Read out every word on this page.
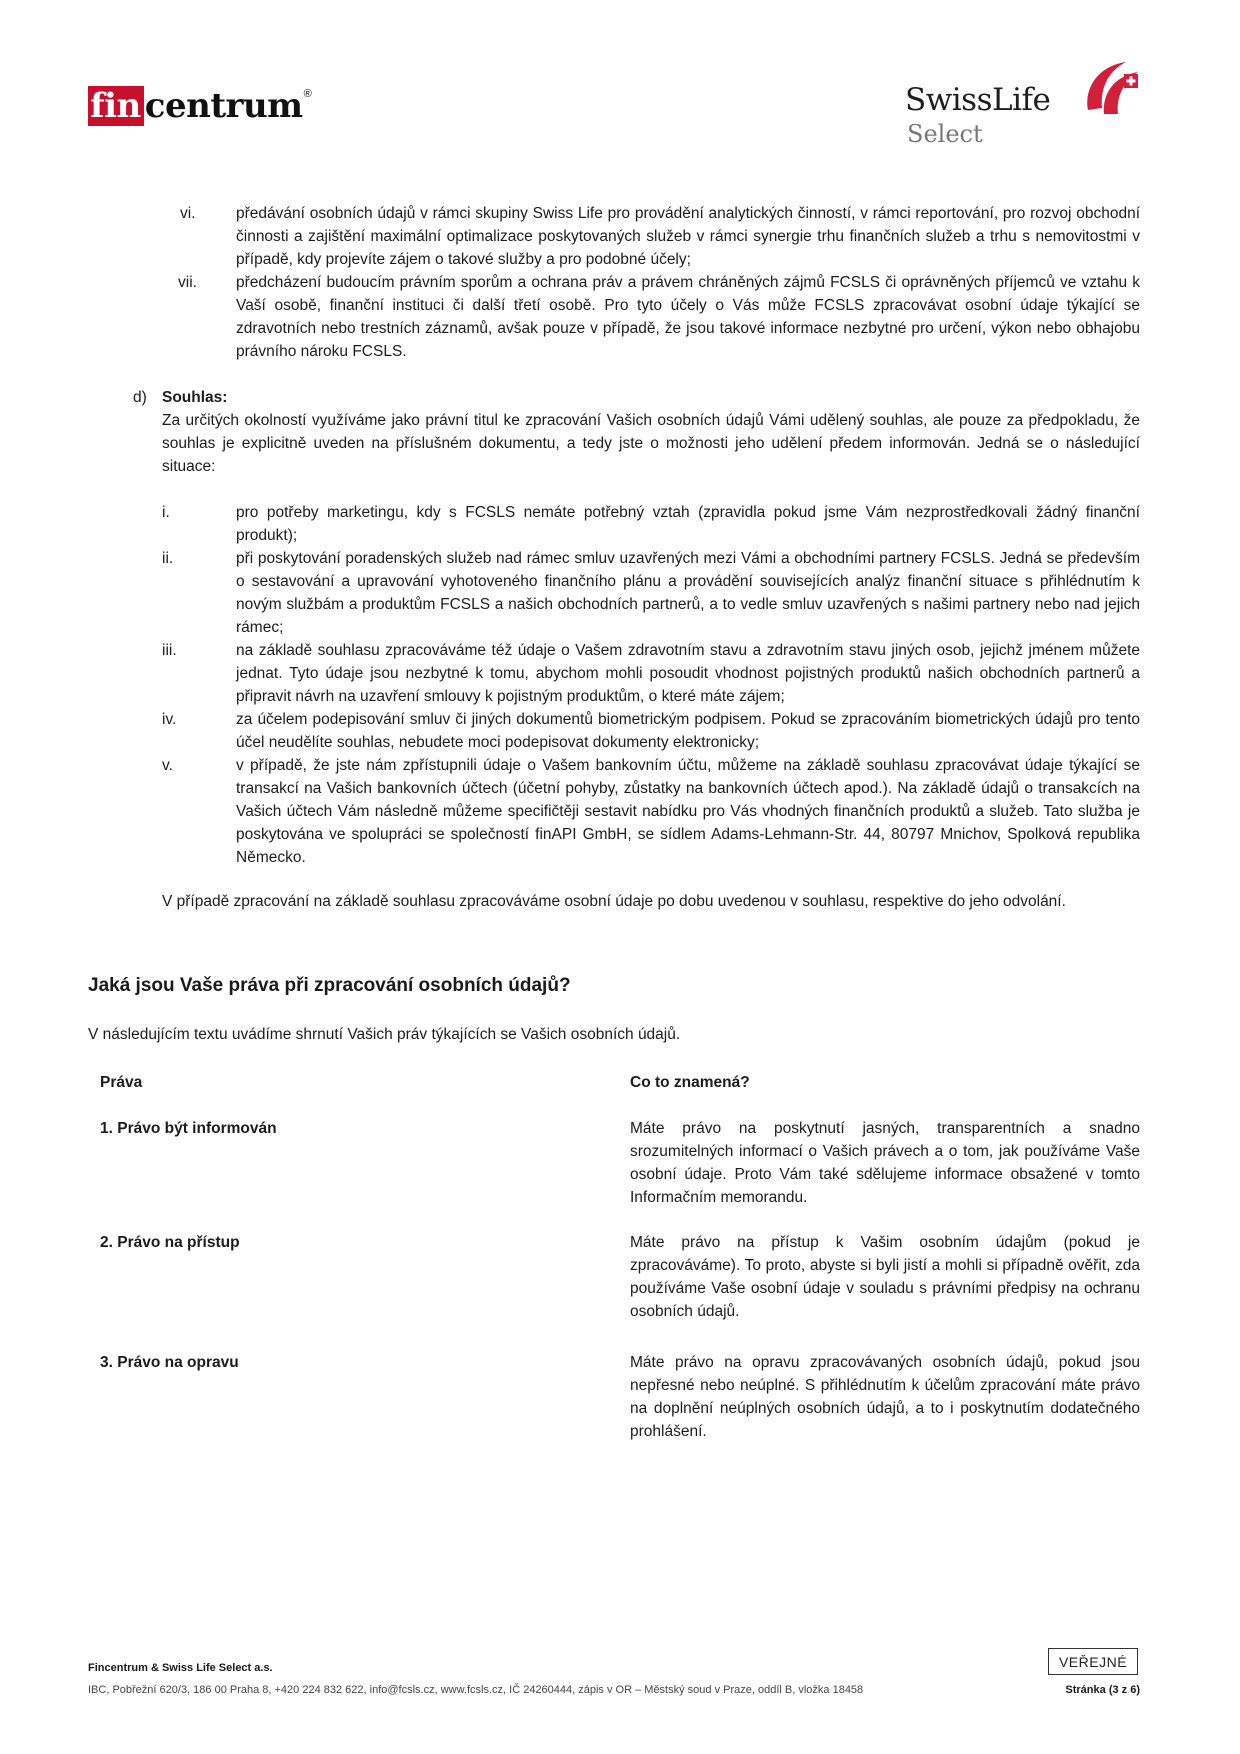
fin centrum ®	SwissLife
Select
vi.	předávání osobních údajů v rámci skupiny Swiss Life pro provádění analytických činností, v rámci reportování, pro rozvoj obchodní činnosti a zajištění maximální optimalizace poskytovaných služeb v rámci synergie trhu finančních služeb a trhu s nemovitostmi v případě, kdy projevíte zájem o takové služby a pro podobné účely;
vii.	předcházení budoucím právním sporům a ochrana práv a právem chráněných zájmů FCSLS či oprávněných příjemců ve vztahu k Vaší osobě, finanční instituci či další třetí osobě. Pro tyto účely o Vás může FCSLS zpracovávat osobní údaje týkající se zdravotních nebo trestních záznamů, avšak pouze v případě, že jsou takové informace nezbytné pro určení, výkon nebo obhajobu právního nároku FCSLS.
d) Souhlas:
Za určitých okolností využíváme jako právní titul ke zpracování Vašich osobních údajů Vámi udělený souhlas, ale pouze za předpokladu, že souhlas je explicitně uveden na příslušném dokumentu, a tedy jste o možnosti jeho udělení předem informován. Jedná se o následující situace:
i.	pro potřeby marketingu, kdy s FCSLS nemáte potřebný vztah (zpravidla pokud jsme Vám nezprostředkovali žádný finanční produkt);
ii.	při poskytování poradenských služeb nad rámec smluv uzavřených mezi Vámi a obchodními partnery FCSLS. Jedná se především o sestavování a upravování vyhotoveného finančního plánu a provádění souvisejících analýz finanční situace s přihlédnutím k novým službám a produktům FCSLS a našich obchodních partnerů, a to vedle smluv uzavřených s našimi partnery nebo nad jejich rámec;
iii.	na základě souhlasu zpracováváme též údaje o Vašem zdravotním stavu a zdravotním stavu jiných osob, jejichž jménem můžete jednat. Tyto údaje jsou nezbytné k tomu, abychom mohli posoudit vhodnost pojistných produktů našich obchodních partnerů a připravit návrh na uzavření smlouvy k pojistným produktům, o které máte zájem;
iv.	za účelem podepisování smluv či jiných dokumentů biometrickým podpisem. Pokud se zpracováním biometrických údajů pro tento účel neudělíte souhlas, nebudete moci podepisovat dokumenty elektronicky;
v.	v případě, že jste nám zpřístupnili údaje o Vašem bankovním účtu, můžeme na základě souhlasu zpracovávat údaje týkající se transakcí na Vašich bankovních účtech (účetní pohyby, zůstatky na bankovních účtech apod.). Na základě údajů o transakcích na Vašich účtech Vám následně můžeme specifičtěji sestavit nabídku pro Vás vhodných finančních produktů a služeb. Tato služba je poskytována ve spolupráci se společností finAPI GmbH, se sídlem Adams-Lehmann-Str. 44, 80797 Mnichov, Spolková republika Německo.
V případě zpracování na základě souhlasu zpracováváme osobní údaje po dobu uvedenou v souhlasu, respektive do jeho odvolání.
Jaká jsou Vaše práva při zpracování osobních údajů?
V následujícím textu uvádíme shrnutí Vašich práv týkajících se Vašich osobních údajů.
Práva	Co to znamená?
1. Právo být informován	Máte právo na poskytnutí jasných, transparentních a snadno srozumitelných informací o Vašich právech a o tom, jak používáme Vaše osobní údaje. Proto Vám také sdělujeme informace obsažené v tomto Informačním memorandu.
2. Právo na přístup	Máte právo na přístup k Vašim osobním údajům (pokud je zpracováváme). To proto, abyste si byli jistí a mohli si případně ověřit, zda používáme Vaše osobní údaje v souladu s právními předpisy na ochranu osobních údajů.
3. Právo na opravu	Máte právo na opravu zpracovávaných osobních údajů, pokud jsou nepřesné nebo neúplné. S přihlédnutím k účelům zpracování máte právo na doplnění neúplných osobních údajů, a to i poskytnutím dodatečného prohlášení.
Fincentrum & Swiss Life Select a.s.
IBC, Pobřežní 620/3, 186 00 Praha 8, +420 224 832 622, info@fcsls.cz, www.fcsls.cz, IČ 24260444, zápis v OR – Městský soud v Praze, oddíl B, vložka 18458
VEŘEJNÉ
Stránka (3 z 6)
